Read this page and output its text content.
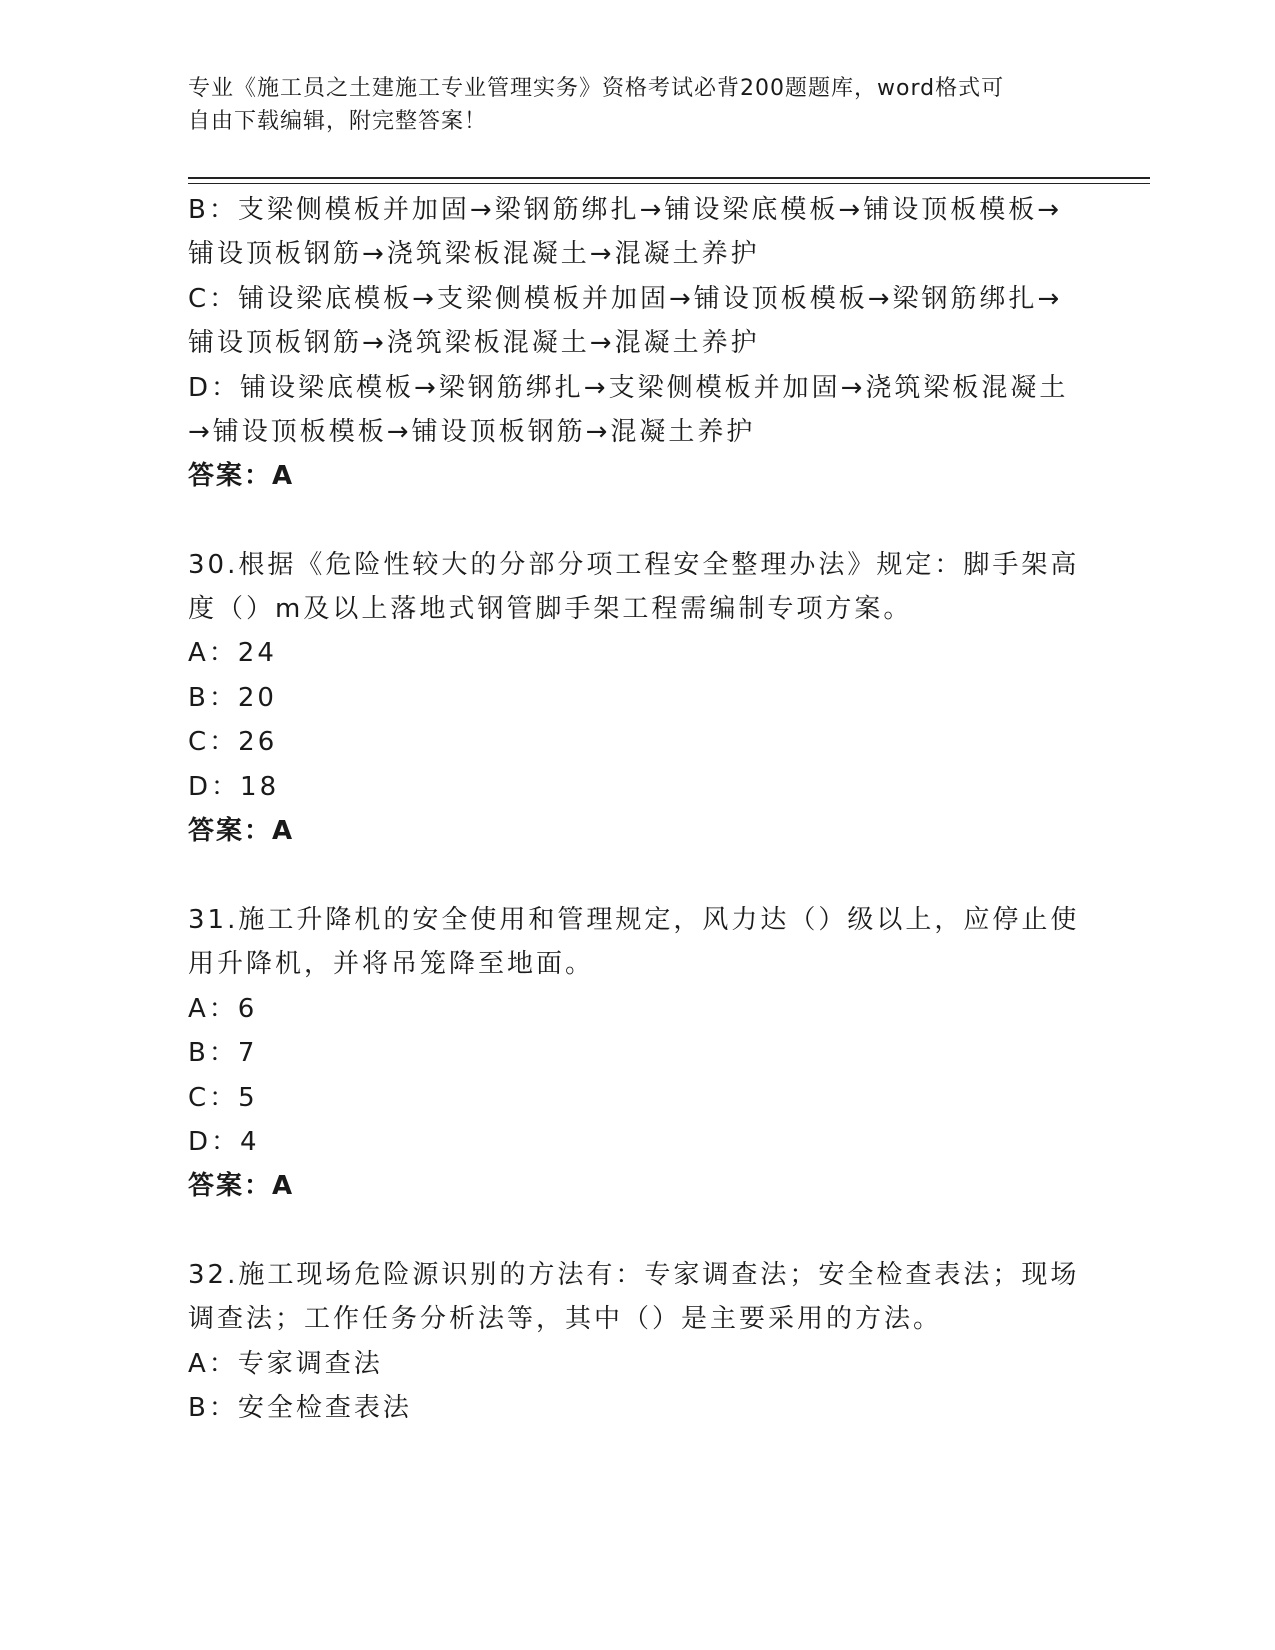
专业《施工员之土建施工专业管理实务》资格考试必背200题题库，word格式可
自由下载编辑，附完整答案！
B：支梁侧模板并加固→梁钢筋绑扎→铺设梁底模板→铺设顶板模板→
铺设顶板钢筋→浇筑梁板混凝土→混凝土养护
C：铺设梁底模板→支梁侧模板并加固→铺设顶板模板→梁钢筋绑扎→
铺设顶板钢筋→浇筑梁板混凝土→混凝土养护
D：铺设梁底模板→梁钢筋绑扎→支梁侧模板并加固→浇筑梁板混凝土
→铺设顶板模板→铺设顶板钢筋→混凝土养护
答案：A
30.根据《危险性较大的分部分项工程安全整理办法》规定：脚手架高
度（）m及以上落地式钢管脚手架工程需编制专项方案。
A：24
B：20
C：26
D：18
答案：A
31.施工升降机的安全使用和管理规定，风力达（）级以上，应停止使
用升降机，并将吊笼降至地面。
A：6
B：7
C：5
D：4
答案：A
32.施工现场危险源识别的方法有：专家调查法；安全检查表法；现场
调查法；工作任务分析法等，其中（）是主要采用的方法。
A：专家调查法
B：安全检查表法
